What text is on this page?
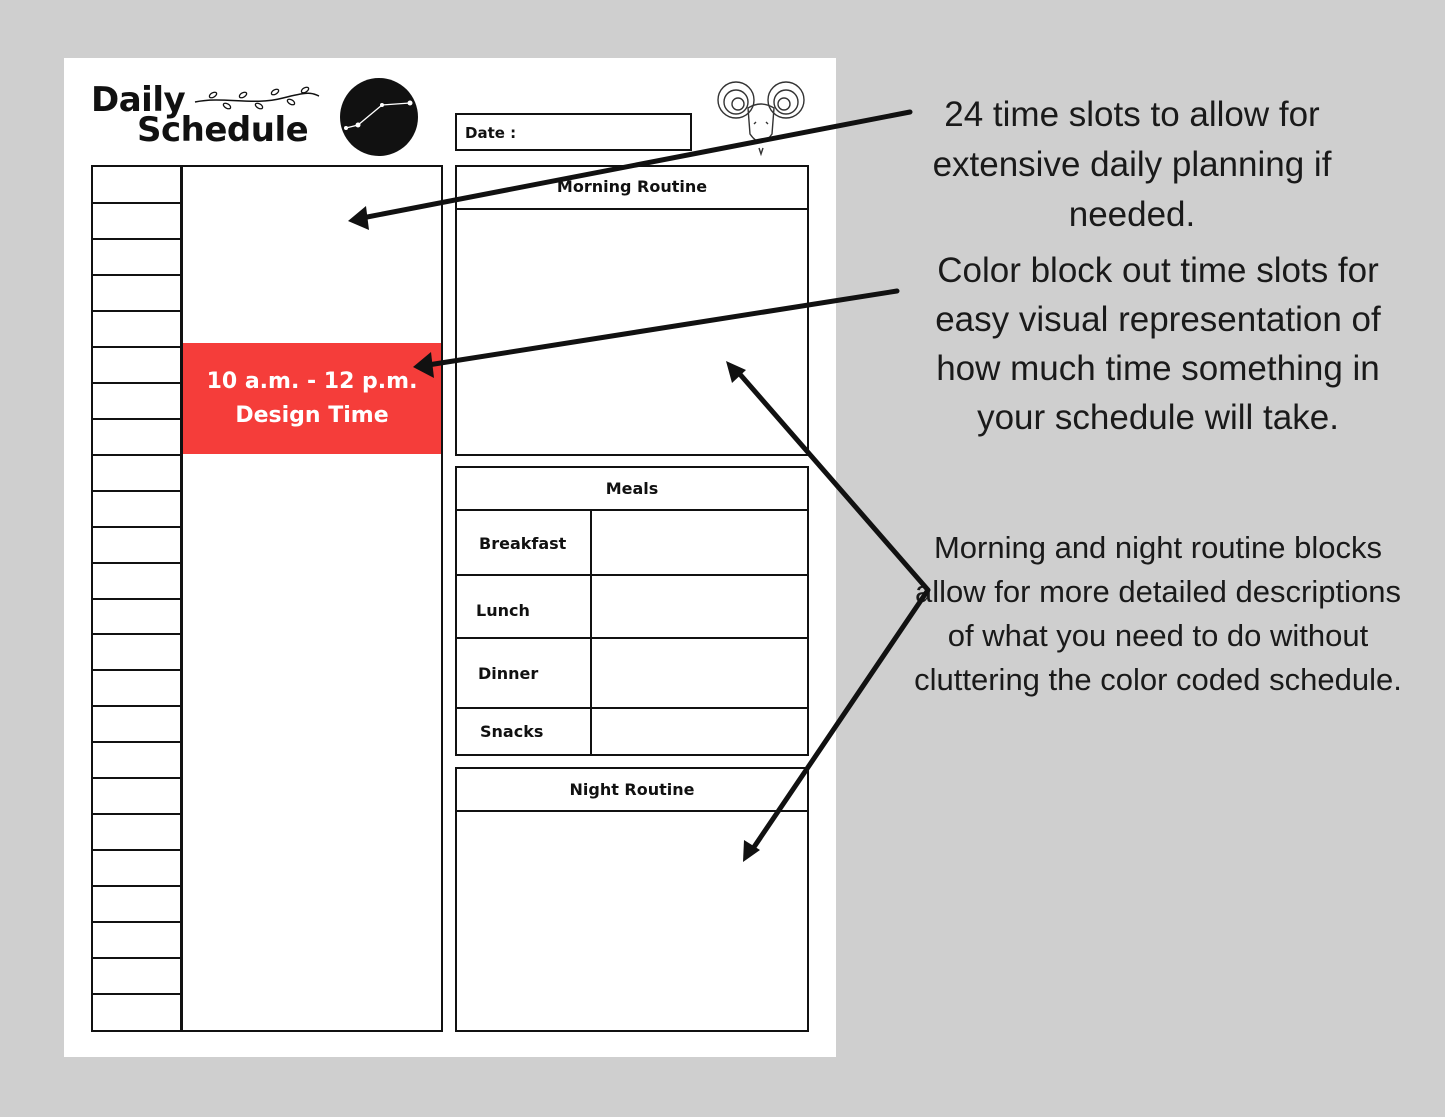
Daily
Schedule	Date :
10 a.m. - 12 p.m.
Design Time
Morning Routine
Meals
Breakfast
Lunch
Dinner
Snacks
Night Routine
24 time slots to allow for extensive daily planning if needed.
Color block out time slots for easy visual representation of how much time something in your schedule will take.
Morning and night routine blocks allow for more detailed descriptions of what you need to do without cluttering the color coded schedule.
